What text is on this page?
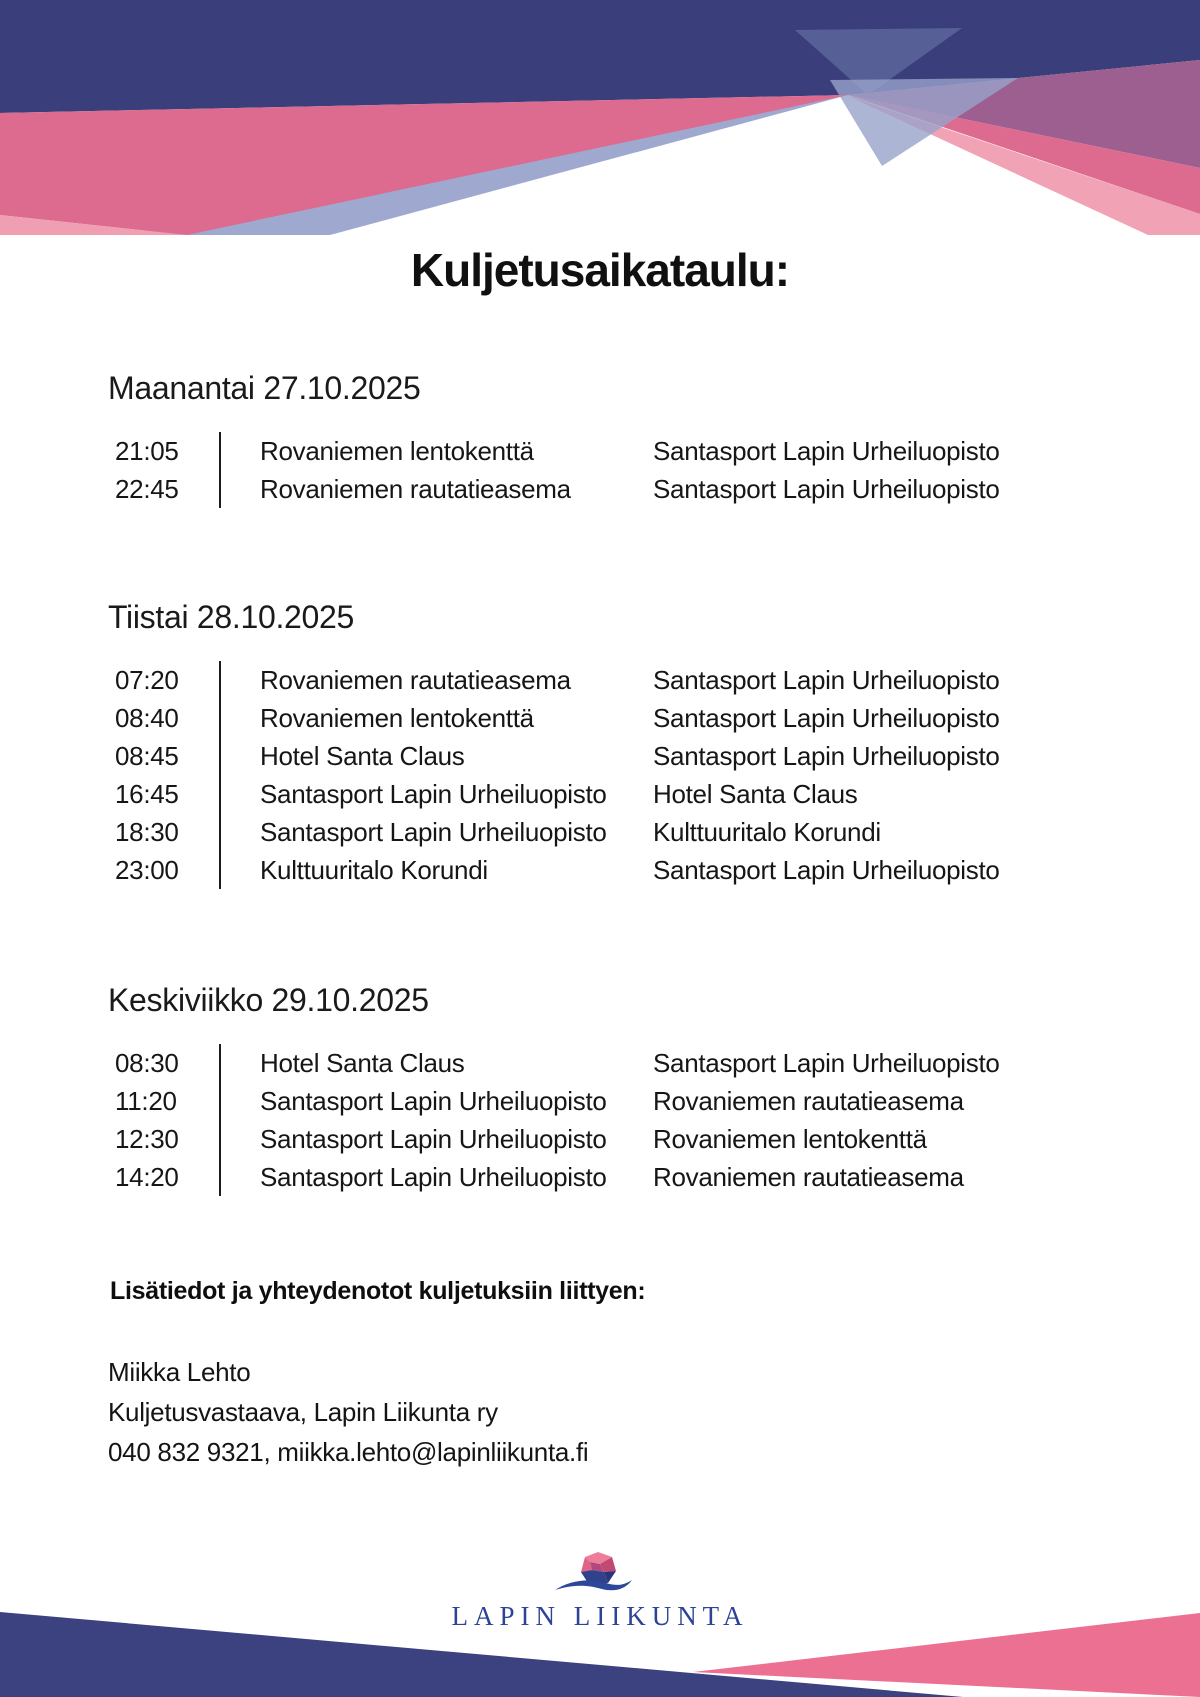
Kuljetusaikataulu:
Maanantai 27.10.2025
21:05	Rovaniemen lentokenttä	Santasport Lapin Urheiluopisto
22:45	Rovaniemen rautatieasema	Santasport Lapin Urheiluopisto
Tiistai 28.10.2025
07:20	Rovaniemen rautatieasema	Santasport Lapin Urheiluopisto
08:40	Rovaniemen lentokenttä	Santasport Lapin Urheiluopisto
08:45	Hotel Santa Claus	Santasport Lapin Urheiluopisto
16:45	Santasport Lapin Urheiluopisto	Hotel Santa Claus
18:30	Santasport Lapin Urheiluopisto	Kulttuuritalo Korundi
23:00	Kulttuuritalo Korundi	Santasport Lapin Urheiluopisto
Keskiviikko 29.10.2025
08:30	Hotel Santa Claus	Santasport Lapin Urheiluopisto
11:20	Santasport Lapin Urheiluopisto	Rovaniemen rautatieasema
12:30	Santasport Lapin Urheiluopisto	Rovaniemen lentokenttä
14:20	Santasport Lapin Urheiluopisto	Rovaniemen rautatieasema
Lisätiedot ja yhteydenotot kuljetuksiin liittyen:
Miikka Lehto
Kuljetusvastaava, Lapin Liikunta ry
040 832 9321, miikka.lehto@lapinliikunta.fi
LAPIN LIIKUNTA
